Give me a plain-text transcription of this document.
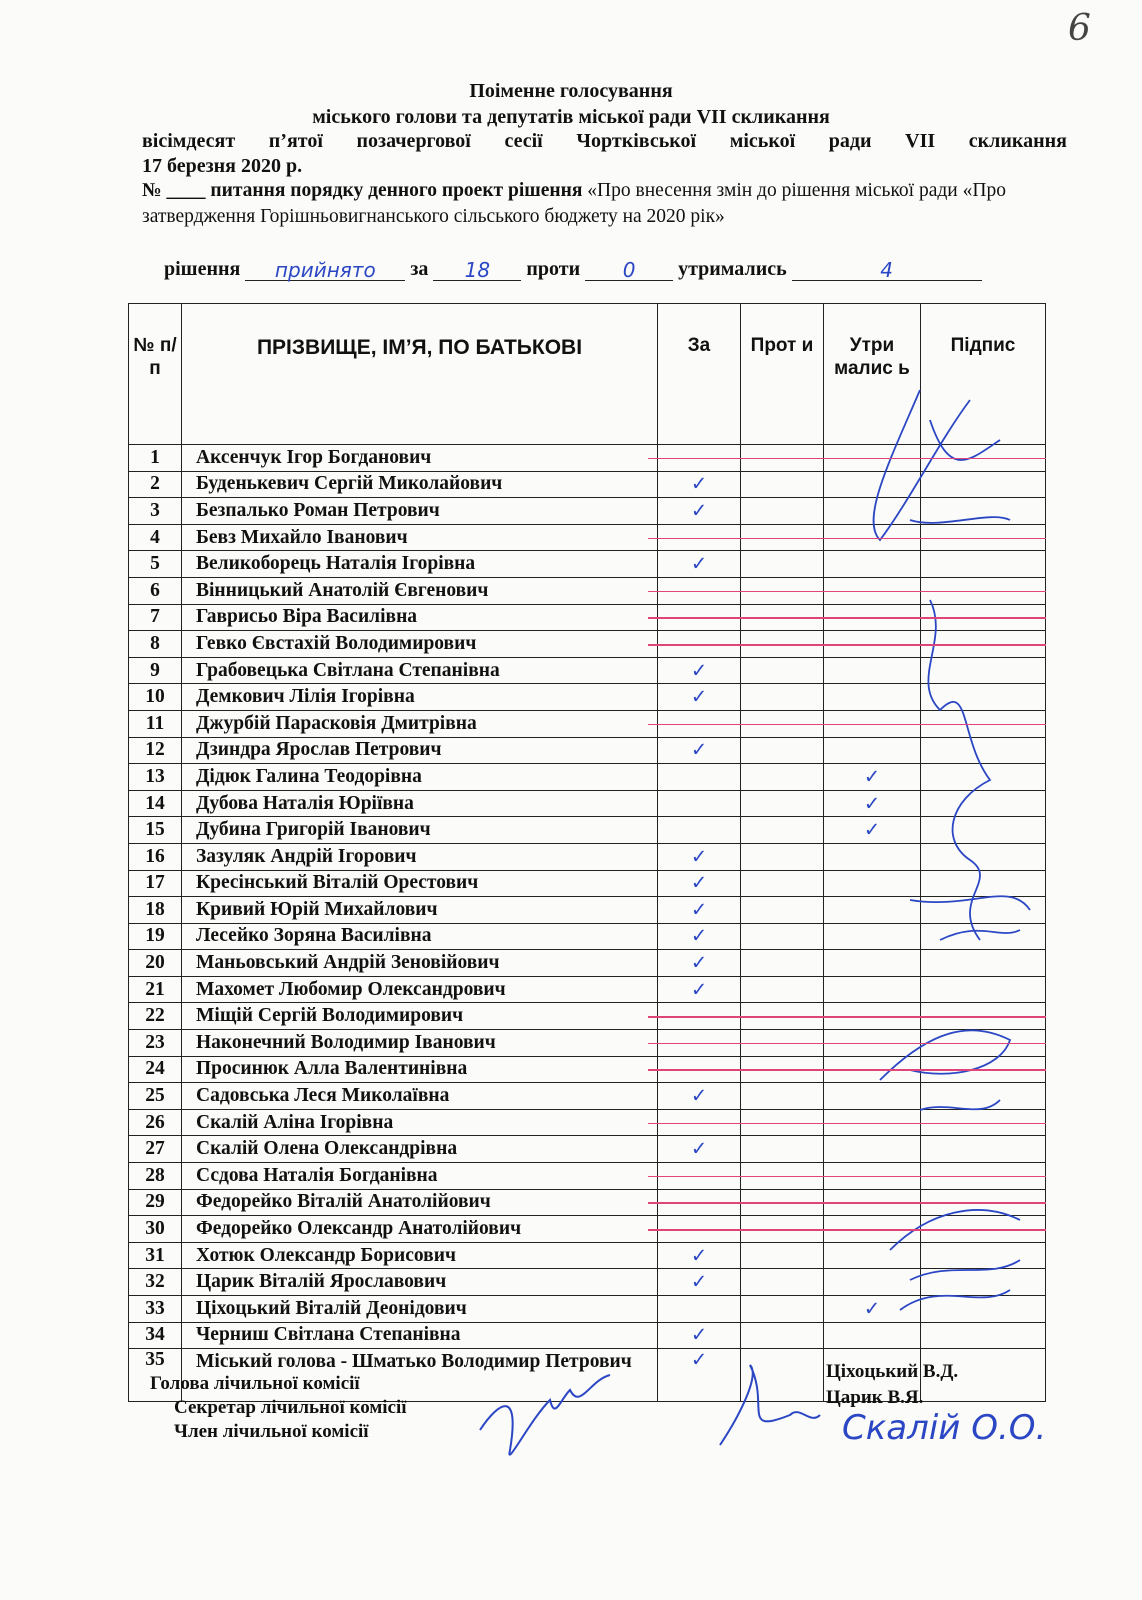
6
Поіменне голосування
міського голови та депутатів міської ради VІІ скликання
вісімдесят п’ятої позачергової сесії Чортківської міської ради VІІ скликання
17 березня 2020 р.
№ ____ питання порядку денного проект рішення «Про внесення змін до рішення міської ради «Про затвердження Горішньовигнанського сільського бюджету на 2020 рік»
рішення прийнято за 18 проти 0 утримались	4
№ п/п	ПРІЗВИЩЕ, ІМ’Я, ПО БАТЬКОВІ	За	Прот и	Утри малис ь	Підпис
1	Аксенчук Ігор Богданович				
2	Буденькевич Сергій Миколайович	✓			
3	Безпалько Роман Петрович	✓			
4	Бевз Михайло Іванович				
5	Великоборець Наталія Ігорівна	✓			
6	Вінницький Анатолій Євгенович				
7	Гаврисьо Віра Василівна				
8	Гевко Євстахій Володимирович				
9	Грабовецька Світлана Степанівна	✓			
10	Демкович Лілія Ігорівна	✓			
11	Джурбій Парасковія Дмитрівна				
12	Дзиндра Ярослав Петрович	✓			
13	Дідюк Галина Теодорівна			✓	
14	Дубова Наталія Юріївна			✓	
15	Дубина Григорій Іванович			✓	
16	Зазуляк Андрій Ігорович	✓			
17	Кресінський Віталій Орестович	✓			
18	Кривий Юрій Михайлович	✓			
19	Лесейко Зоряна Василівна	✓			
20	Маньовський Андрій Зеновійович	✓			
21	Махомет Любомир Олександрович	✓			
22	Міщій Сергій Володимирович				
23	Наконечний Володимир Іванович				
24	Просинюк Алла Валентинівна				
25	Садовська Леся Миколаївна	✓			
26	Скалій Аліна Ігорівна				
27	Скалій Олена Олександрівна	✓			
28	Ссдова Наталія Богданівна				
29	Федорейко Віталій Анатолійович				
30	Федорейко Олександр Анатолійович				
31	Хотюк Олександр Борисович	✓			
32	Царик Віталій Ярославович	✓			
33	Ціхоцький Віталій Деонідович			✓	
34	Черниш Світлана Степанівна	✓			
35	Міський голова - Шматько Володимир Петрович	✓			
Голова лічильної комісії
Секретар лічильної комісії
Член лічильної комісії
Ціхоцький В.Д.
Царик В.Я.
Скалій О.О.
